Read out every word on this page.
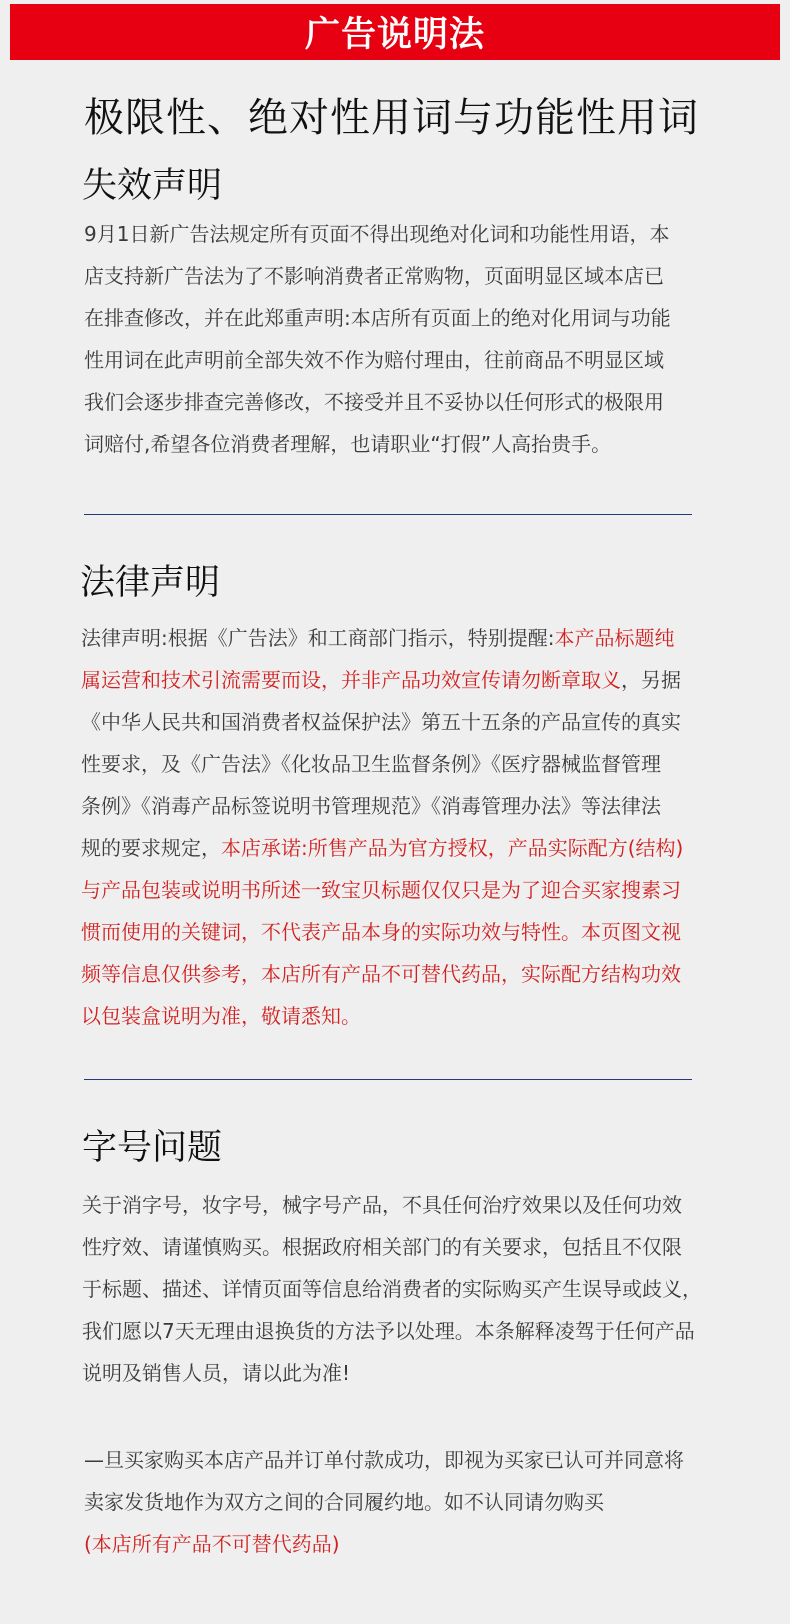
广告说明法
极限性、绝对性用词与功能性用词
失效声明

9月1日新广告法规定所有页面不得出现绝对化词和功能性用语，本

店支持新广告法为了不影响消费者正常购物，页面明显区域本店已

在排查修改，并在此郑重声明:本店所有页面上的绝对化用词与功能

性用词在此声明前全部失效不作为赔付理由，往前商品不明显区域

我们会逐步排查完善修改，不接受并且不妥协以任何形式的极限用

词赔付,希望各位消费者理解，也请职业“打假”人高抬贵手。

法律声明

法律声明:根据《广告法》和工商部门指示，特别提醒:本产品标题纯

属运营和技术引流需要而设，并非产品功效宣传请勿断章取义，另据

《中华人民共和国消费者权益保护法》第五十五条的产品宣传的真实

性要求，及《广告法》《化妆品卫生监督条例》《医疗器械监督管理

条例》《消毒产品标签说明书管理规范》《消毒管理办法》等法律法

规的要求规定，本店承诺:所售产品为官方授权，产品实际配方(结构)

与产品包装或说明书所述一致宝贝标题仅仅只是为了迎合买家搜素习

惯而使用的关键词，不代表产品本身的实际功效与特性。本页图文视

频等信息仅供参考，本店所有产品不可替代药品，实际配方结构功效

以包装盒说明为准，敬请悉知。

字号问题

关于消字号，妆字号，械字号产品，不具任何治疗效果以及任何功效

性疗效、请谨慎购买。根据政府相关部门的有关要求，包括且不仅限

于标题、描述、详情页面等信息给消费者的实际购买产生误导或歧义，

我们愿以7天无理由退换货的方法予以处理。本条解释凌驾于任何产品

说明及销售人员，请以此为准!

—旦买家购买本店产品并订单付款成功，即视为买家已认可并同意将

卖家发货地作为双方之间的合同履约地。如不认同请勿购买

(本店所有产品不可替代药品)
